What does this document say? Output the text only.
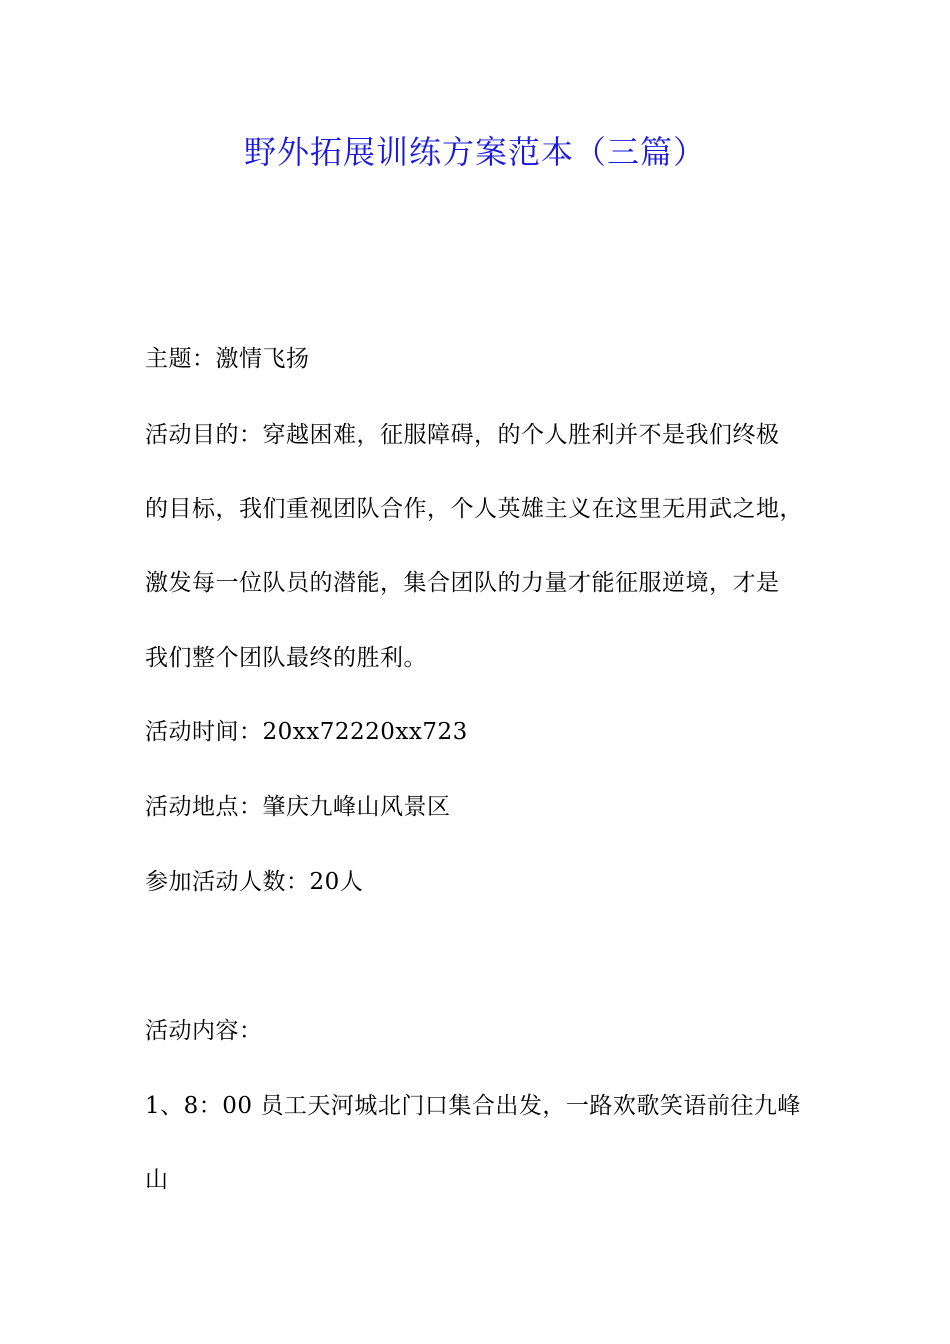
野外拓展训练方案范本（三篇）
主题：激情飞扬
活动目的：穿越困难，征服障碍，的个人胜利并不是我们终极
的目标，我们重视团队合作，个人英雄主义在这里无用武之地，
激发每一位队员的潜能，集合团队的力量才能征服逆境，才是
我们整个团队最终的胜利。
活动时间：20xx72220xx723
活动地点：肇庆九峰山风景区
参加活动人数：20人
活动内容：
1、8：00 员工天河城北门口集合出发，一路欢歌笑语前往九峰
山
